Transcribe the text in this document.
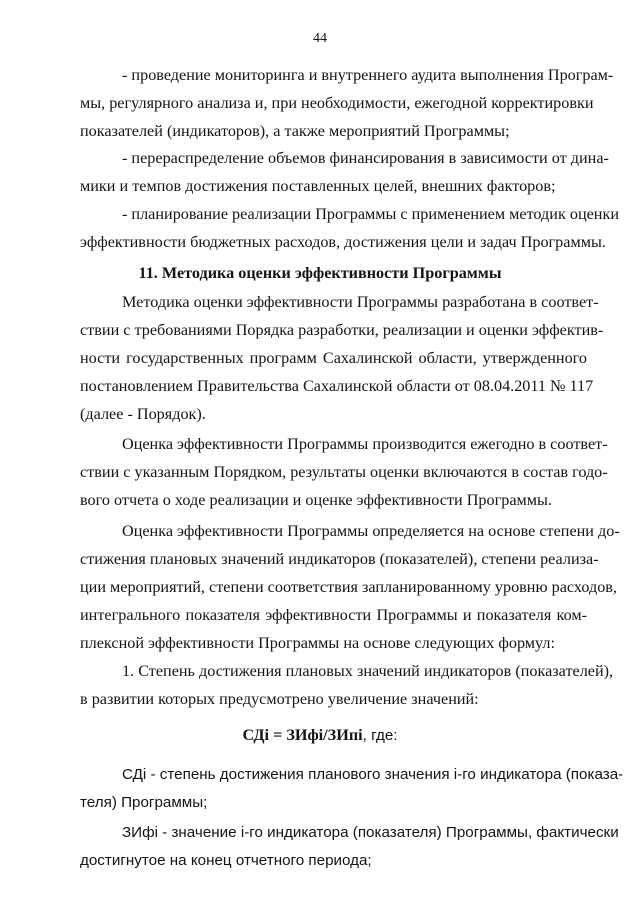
44

- проведение мониторинга и внутреннего аудита выполнения Програм-

мы, регулярного анализа и, при необходимости, ежегодной корректировки

показателей (индикаторов), а также мероприятий Программы;

- перераспределение объемов финансирования в зависимости от дина-

мики и темпов достижения поставленных целей, внешних факторов;

- планирование реализации Программы с применением методик оценки

эффективности бюджетных расходов, достижения цели и задач Программы.

11. Методика оценки эффективности Программы

Методика оценки эффективности Программы разработана в соответ-

ствии с требованиями Порядка разработки, реализации и оценки эффектив-

ности государственных программ Сахалинской области, утвержденного

постановлением Правительства Сахалинской области от 08.04.2011 № 117

(далее - Порядок).

Оценка эффективности Программы производится ежегодно в соответ-

ствии с указанным Порядком, результаты оценки включаются в состав годо-

вого отчета о ходе реализации и оценке эффективности Программы.

Оценка эффективности Программы определяется на основе степени до-

стижения плановых значений индикаторов (показателей), степени реализа-

ции мероприятий, степени соответствия запланированному уровню расходов,

интегрального показателя эффективности Программы и показателя ком-

плексной эффективности Программы на основе следующих формул:

1. Степень достижения плановых значений индикаторов (показателей),

в развитии которых предусмотрено увеличение значений:

СДi = ЗИфi/ЗИпi, где:

СДi - степень достижения планового значения i-го индикатора (показа-

теля) Программы;

ЗИфi - значение i-го индикатора (показателя) Программы, фактически

достигнутое на конец отчетного периода;
